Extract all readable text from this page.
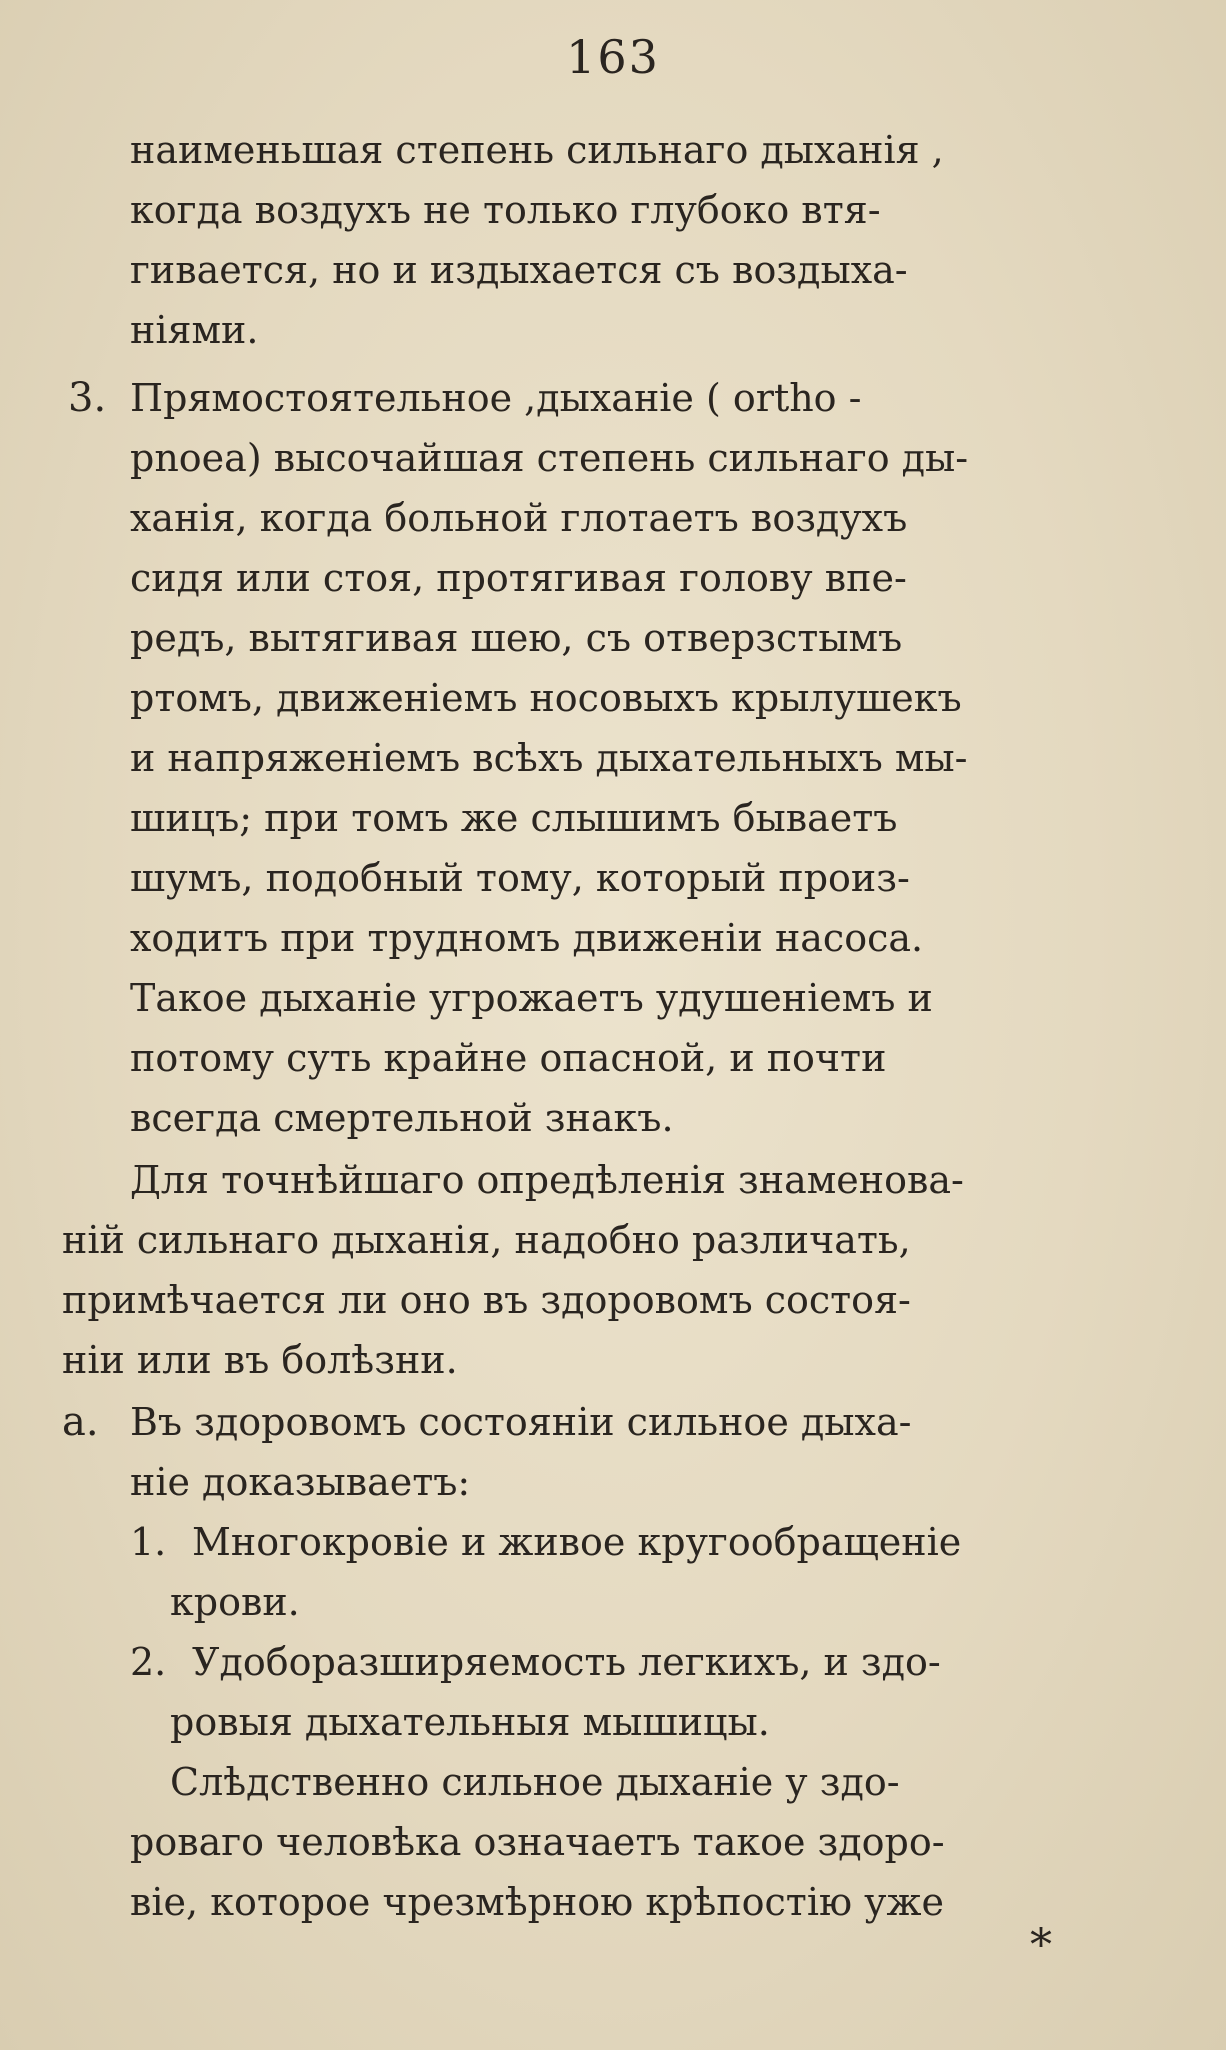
163
наименьшая степень сильнаго дыханія ,
когда воздухъ не только глубоко втя-
гивается, но и издыхается съ воздыха-
ніями.
3. Прямостоятельное ,дыханіе ( ortho -
pnoea) высочайшая степень сильнаго ды-
ханія, когда больной глотаетъ воздухъ
сидя или стоя, протягивая голову впе-
редъ, вытягивая шею, съ отверзстымъ
ртомъ, движеніемъ носовыхъ крылушекъ
и напряженіемъ всѣхъ дыхательныхъ мы-
шицъ; при томъ же слышимъ бываетъ
шумъ, подобный тому, который произ-
ходитъ при трудномъ движеніи насоса.
Такое дыханіе угрожаетъ удушеніемъ и
потому суть крайне опасной, и почти
всегда смертельной знакъ.
Для точнѣйшаго опредѣленія знаменова-
ній сильнаго дыханія, надобно различать,
примѣчается ли оно въ здоровомъ состоя-
ніи или въ болѣзни.
a. Въ здоровомъ состояніи сильное дыха-
ніе доказываетъ:
1. Многокровіе и живое кругообращеніе
крови.
2. Удоборазширяемость легкихъ, и здо-
ровыя дыхательныя мышицы.
Слѣдственно сильное дыханіе у здо-
роваго человѣка означаетъ такое здоро-
віе, которое чрезмѣрною крѣпостію уже
*
